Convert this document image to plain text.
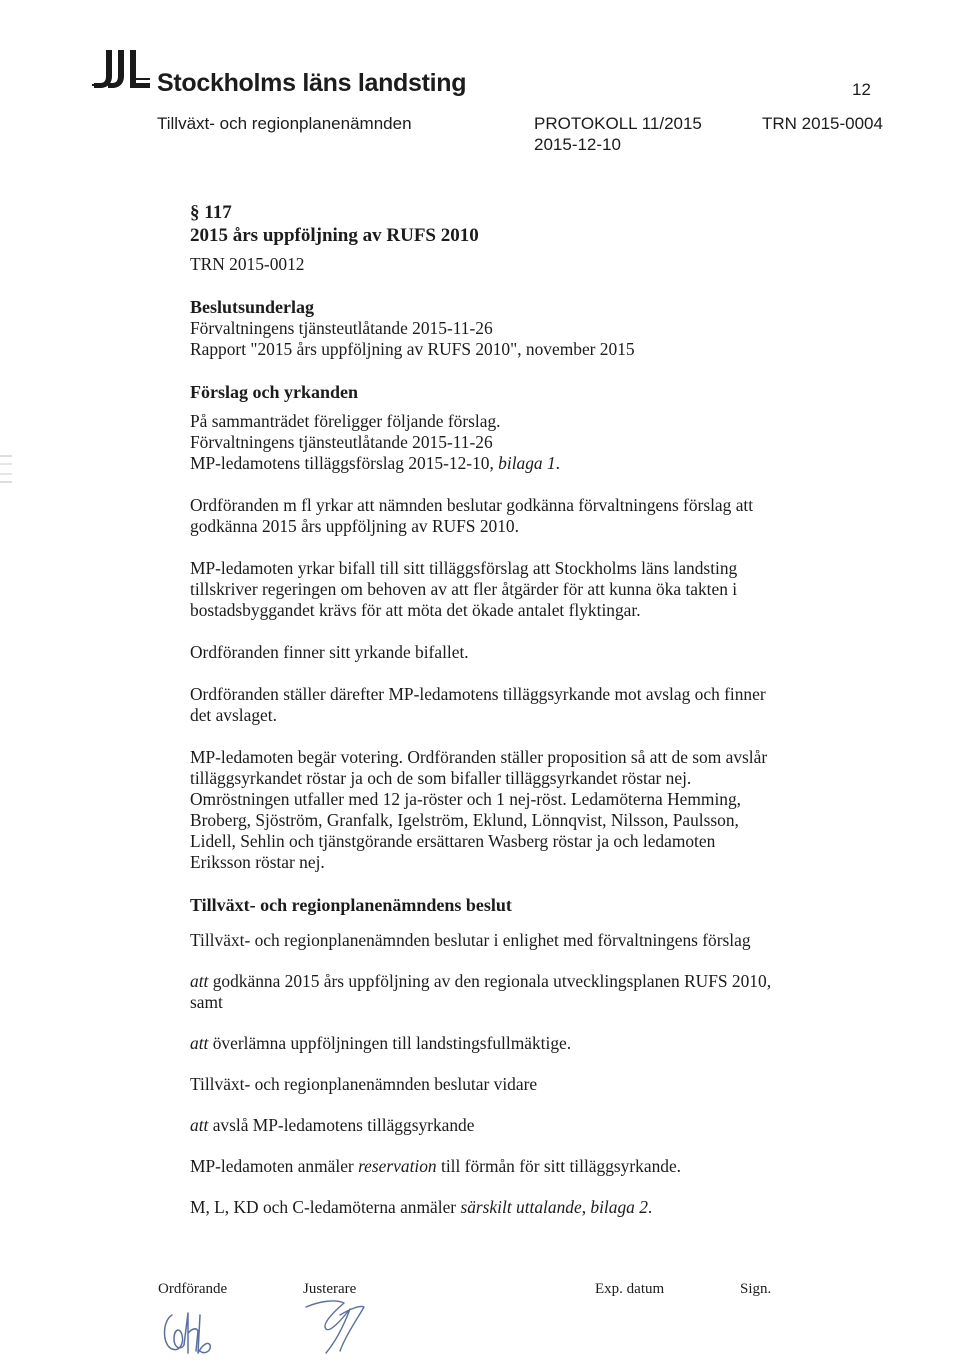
Stockholms läns landsting	12
Tillväxt- och regionplanenämnden	PROTOKOLL 11/2015	TRN 2015-0004
2015-12-10

§ 117

2015 års uppföljning av RUFS 2010

TRN 2015-0012

Beslutsunderlag

Förvaltningens tjänsteutlåtande 2015-11-26

Rapport "2015 års uppföljning av RUFS 2010", november 2015

Förslag och yrkanden

På sammanträdet föreligger följande förslag.

Förvaltningens tjänsteutlåtande 2015-11-26

MP-ledamotens tilläggsförslag 2015-12-10, bilaga 1.

Ordföranden m fl yrkar att nämnden beslutar godkänna förvaltningens förslag att godkänna 2015 års uppföljning av RUFS 2010.

MP-ledamoten yrkar bifall till sitt tilläggsförslag att Stockholms läns landsting tillskriver regeringen om behoven av att fler åtgärder för att kunna öka takten i bostadsbyggandet krävs för att möta det ökade antalet flyktingar.

Ordföranden finner sitt yrkande bifallet.

Ordföranden ställer därefter MP-ledamotens tilläggsyrkande mot avslag och finner det avslaget.

MP-ledamoten begär votering. Ordföranden ställer proposition så att de som avslår tilläggsyrkandet röstar ja och de som bifaller tilläggsyrkandet röstar nej. Omröstningen utfaller med 12 ja-röster och 1 nej-röst. Ledamöterna Hemming, Broberg, Sjöström, Granfalk, Igelström, Eklund, Lönnqvist, Nilsson, Paulsson, Lidell, Sehlin och tjänstgörande ersättaren Wasberg röstar ja och ledamoten Eriksson röstar nej.

Tillväxt- och regionplanenämndens beslut

Tillväxt- och regionplanenämnden beslutar i enlighet med förvaltningens förslag

att godkänna 2015 års uppföljning av den regionala utvecklingsplanen RUFS 2010, samt

att överlämna uppföljningen till landstingsfullmäktige.

Tillväxt- och regionplanenämnden beslutar vidare

att avslå MP-ledamotens tilläggsyrkande

MP-ledamoten anmäler reservation till förmån för sitt tilläggsyrkande.

M, L, KD och C-ledamöterna anmäler särskilt uttalande, bilaga 2.

Ordförande	Justerare	Exp. datum	Sign.
